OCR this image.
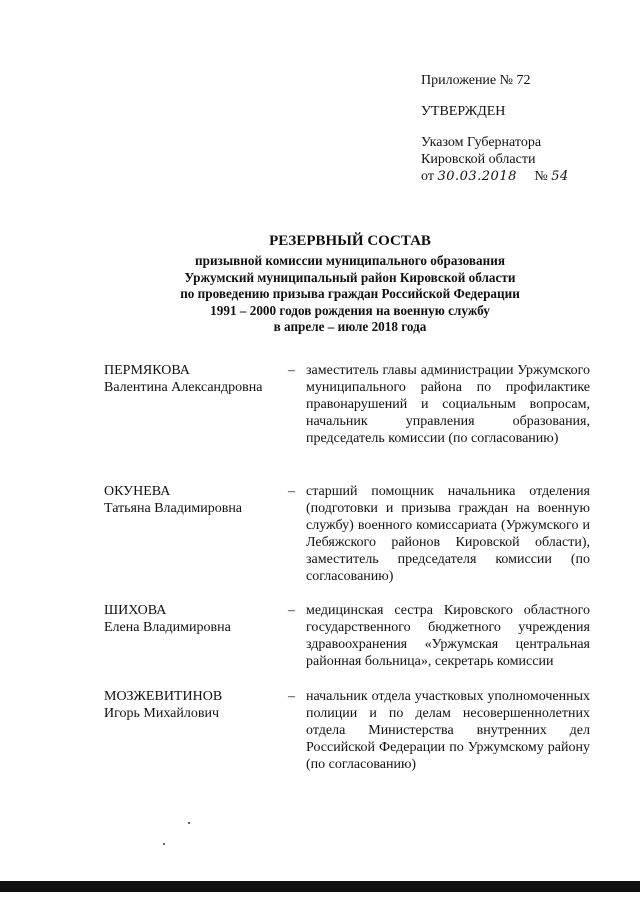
Приложение № 72
УТВЕРЖДЕН
Указом Губернатора
Кировской области
от 30.03.2018 № 54
РЕЗЕРВНЫЙ СОСТАВ
призывной комиссии муниципального образования
Уржумский муниципальный район Кировской области
по проведению призыва граждан Российской Федерации
1991 – 2000 годов рождения на военную службу
в апреле – июле 2018 года
ПЕРМЯКОВА
Валентина Александровна
– заместитель главы администрации Уржумского муниципального района по профилактике правонарушений и социальным вопросам, начальник управления образования, председатель комиссии (по согласованию)
ОКУНЕВА
Татьяна Владимировна
– старший помощник начальника отделения (подготовки и призыва граждан на военную службу) военного комиссариата (Уржумского и Лебяжского районов Кировской области), заместитель председателя комиссии (по согласованию)
ШИХОВА
Елена Владимировна
– медицинская сестра Кировского областного государственного бюджетного учреждения здравоохранения «Уржумская центральная районная больница», секретарь комиссии
МОЗЖЕВИТИНОВ
Игорь Михайлович
– начальник отдела участковых уполномоченных полиции и по делам несовершеннолетних отдела Министерства внутренних дел Российской Федерации по Уржумскому району (по согласованию)
